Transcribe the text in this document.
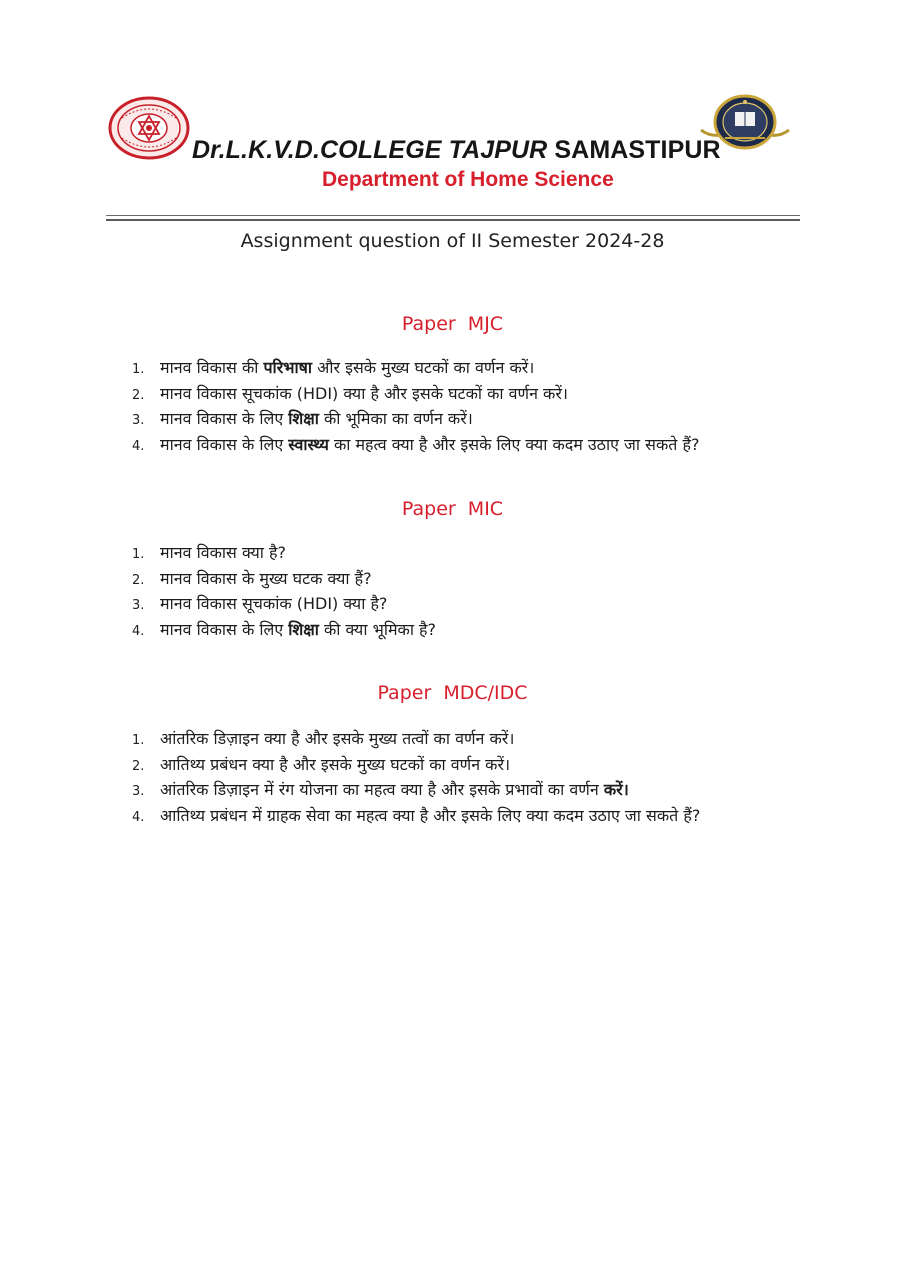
Dr.L.K.V.D.COLLEGE TAJPUR SAMASTIPUR
Department of Home Science
Assignment question of II Semester 2024-28
Paper  MJC
1. मानव विकास की परिभाषा और इसके मुख्य घटकों का वर्णन करें।
2. मानव विकास सूचकांक (HDI) क्या है और इसके घटकों का वर्णन करें।
3. मानव विकास के लिए शिक्षा की भूमिका का वर्णन करें।
4. मानव विकास के लिए स्वास्थ्य का महत्व क्या है और इसके लिए क्या कदम उठाए जा सकते हैं?
Paper  MIC
1. मानव विकास क्या है?
2. मानव विकास के मुख्य घटक क्या हैं?
3. मानव विकास सूचकांक (HDI) क्या है?
4. मानव विकास के लिए शिक्षा की क्या भूमिका है?
Paper  MDC/IDC
1. आंतरिक डिज़ाइन क्या है और इसके मुख्य तत्वों का वर्णन करें।
2. आतिथ्य प्रबंधन क्या है और इसके मुख्य घटकों का वर्णन करें।
3. आंतरिक डिज़ाइन में रंग योजना का महत्व क्या है और इसके प्रभावों का वर्णन करें।
4. आतिथ्य प्रबंधन में ग्राहक सेवा का महत्व क्या है और इसके लिए क्या कदम उठाए जा सकते हैं?
